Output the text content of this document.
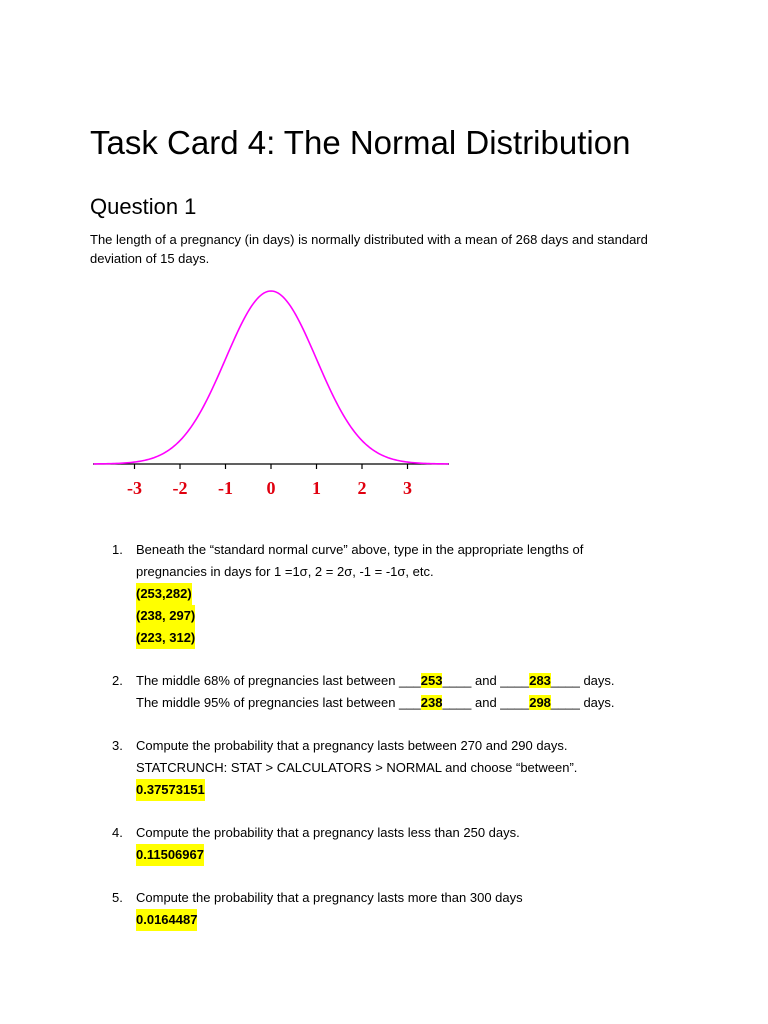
Task Card 4: The Normal Distribution
Question 1

The length of a pregnancy (in days) is normally distributed with a mean of 268 days and standard deviation of 15 days.

-3 -2 -1 0 1 2 3
1.	Beneath the “standard normal curve” above, type in the appropriate lengths of
pregnancies in days for 1 =1σ, 2 = 2σ, -1 = -1σ, etc.
(253,282)
(238, 297)
(223, 312)
2.	The middle 68% of pregnancies last between ___253____ and ____283____ days.
The middle 95% of pregnancies last between ___238____ and ____298____ days.
3.	Compute the probability that a pregnancy lasts between 270 and 290 days.
STATCRUNCH: STAT > CALCULATORS > NORMAL and choose “between”.
0.37573151
4.	Compute the probability that a pregnancy lasts less than 250 days.
0.11506967
5.	Compute the probability that a pregnancy lasts more than 300 days
0.0164487
